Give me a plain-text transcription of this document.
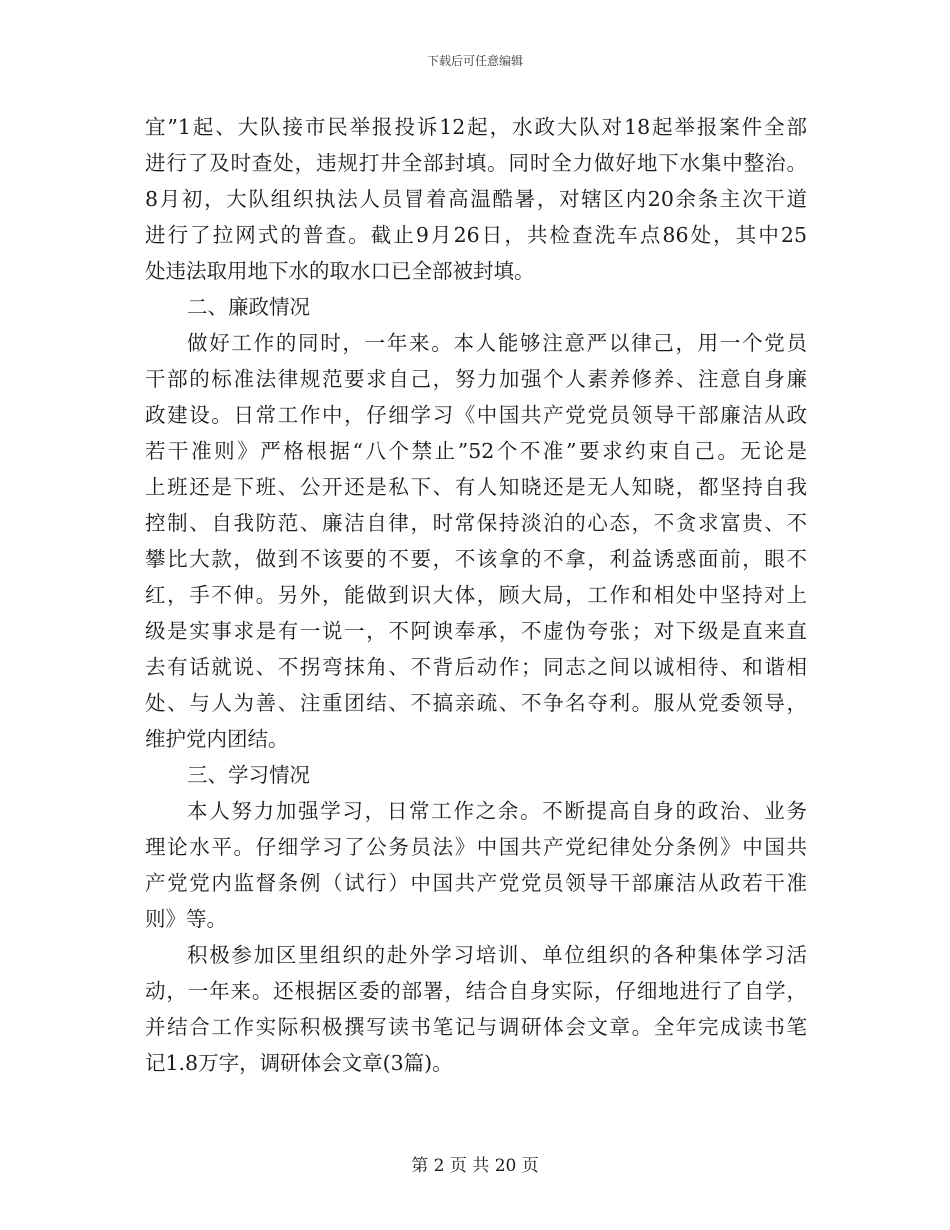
下载后可任意编辑
宜”1起、大队接市民举报投诉12起，水政大队对18起举报案件全部
进行了及时查处，违规打井全部封填。同时全力做好地下水集中整治。
8月初，大队组织执法人员冒着高温酷暑，对辖区内20余条主次干道
进行了拉网式的普查。截止9月26日，共检查洗车点86处，其中25
处违法取用地下水的取水口已全部被封填。
二、廉政情况
做好工作的同时，一年来。本人能够注意严以律己，用一个党员
干部的标准法律规范要求自己，努力加强个人素养修养、注意自身廉
政建设。日常工作中，仔细学习《中国共产党党员领导干部廉洁从政
若干准则》严格根据“八个禁止”52个不准”要求约束自己。无论是
上班还是下班、公开还是私下、有人知晓还是无人知晓，都坚持自我
控制、自我防范、廉洁自律，时常保持淡泊的心态，不贪求富贵、不
攀比大款，做到不该要的不要，不该拿的不拿，利益诱惑面前，眼不
红，手不伸。另外，能做到识大体，顾大局，工作和相处中坚持对上
级是实事求是有一说一，不阿谀奉承，不虚伪夸张；对下级是直来直
去有话就说、不拐弯抹角、不背后动作；同志之间以诚相待、和谐相
处、与人为善、注重团结、不搞亲疏、不争名夺利。服从党委领导，
维护党内团结。
三、学习情况
本人努力加强学习，日常工作之余。不断提高自身的政治、业务
理论水平。仔细学习了公务员法》中国共产党纪律处分条例》中国共
产党党内监督条例（试行）中国共产党党员领导干部廉洁从政若干准
则》等。
积极参加区里组织的赴外学习培训、单位组织的各种集体学习活
动，一年来。还根据区委的部署，结合自身实际，仔细地进行了自学，
并结合工作实际积极撰写读书笔记与调研体会文章。全年完成读书笔
记1.8万字，调研体会文章(3篇)。
第 2 页 共 20 页
